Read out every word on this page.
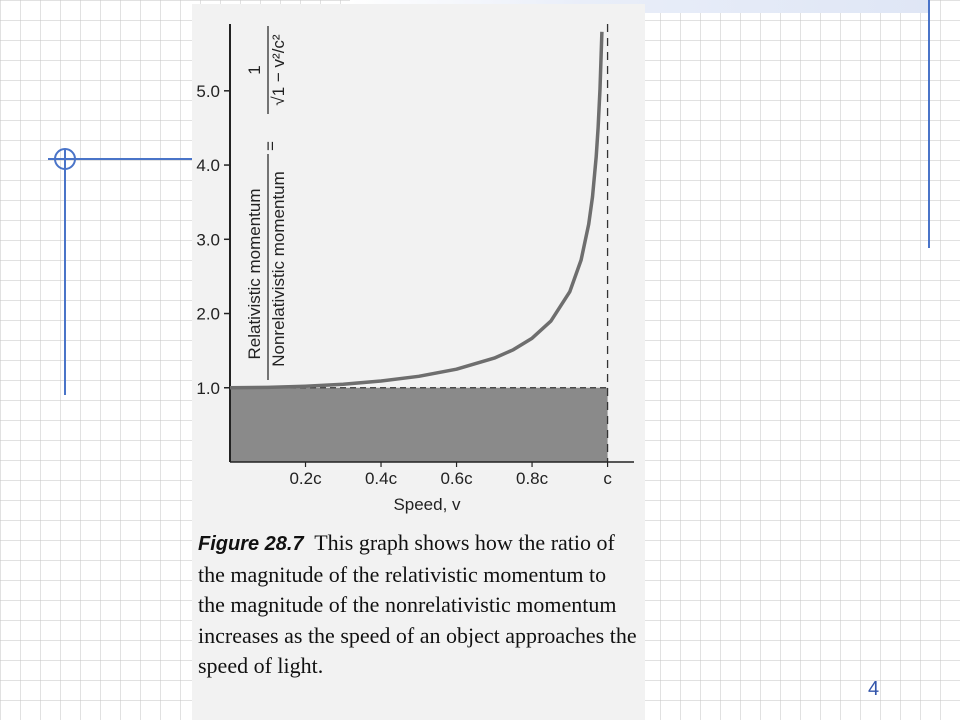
1.0
2.0
3.0
4.0
5.0
0.2c	0.4c	0.6c	0.8c	c
Relativistic momentum Nonrelativistic momentum
=
1 √1 − v²/c²
Speed, v
Figure 28.7 This graph shows how the ratio of the magnitude of the relativistic momentum to the magnitude of the nonrelativistic momentum increases as the speed of an object approaches the speed of light.
4
